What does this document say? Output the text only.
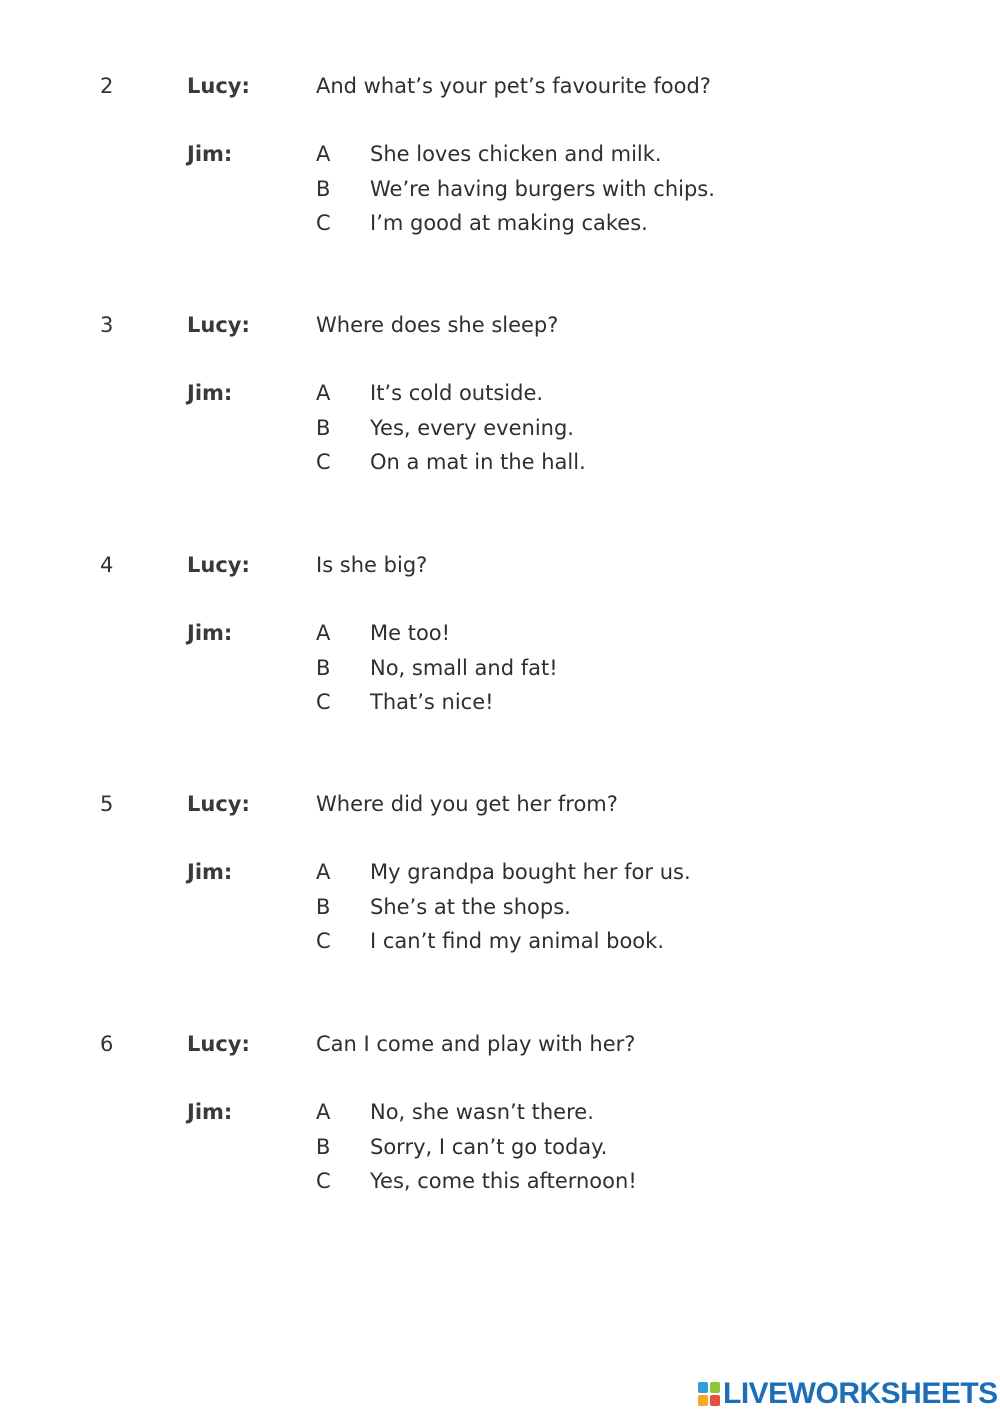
2	Lucy:	And what’s your pet’s favourite food?
Jim:	A She loves chicken and milk.
B We’re having burgers with chips.
C I’m good at making cakes.
3	Lucy:	Where does she sleep?
Jim:	A It’s cold outside.
B Yes, every evening.
C On a mat in the hall.
4	Lucy:	Is she big?
Jim:	A Me too!
B No, small and fat!
C That’s nice!
5	Lucy:	Where did you get her from?
Jim:	A My grandpa bought her for us.
B She’s at the shops.
C I can’t find my animal book.
6	Lucy:	Can I come and play with her?
Jim:	A No, she wasn’t there.
B Sorry, I can’t go today.
C Yes, come this afternoon!
LIVEWORKSHEETS
